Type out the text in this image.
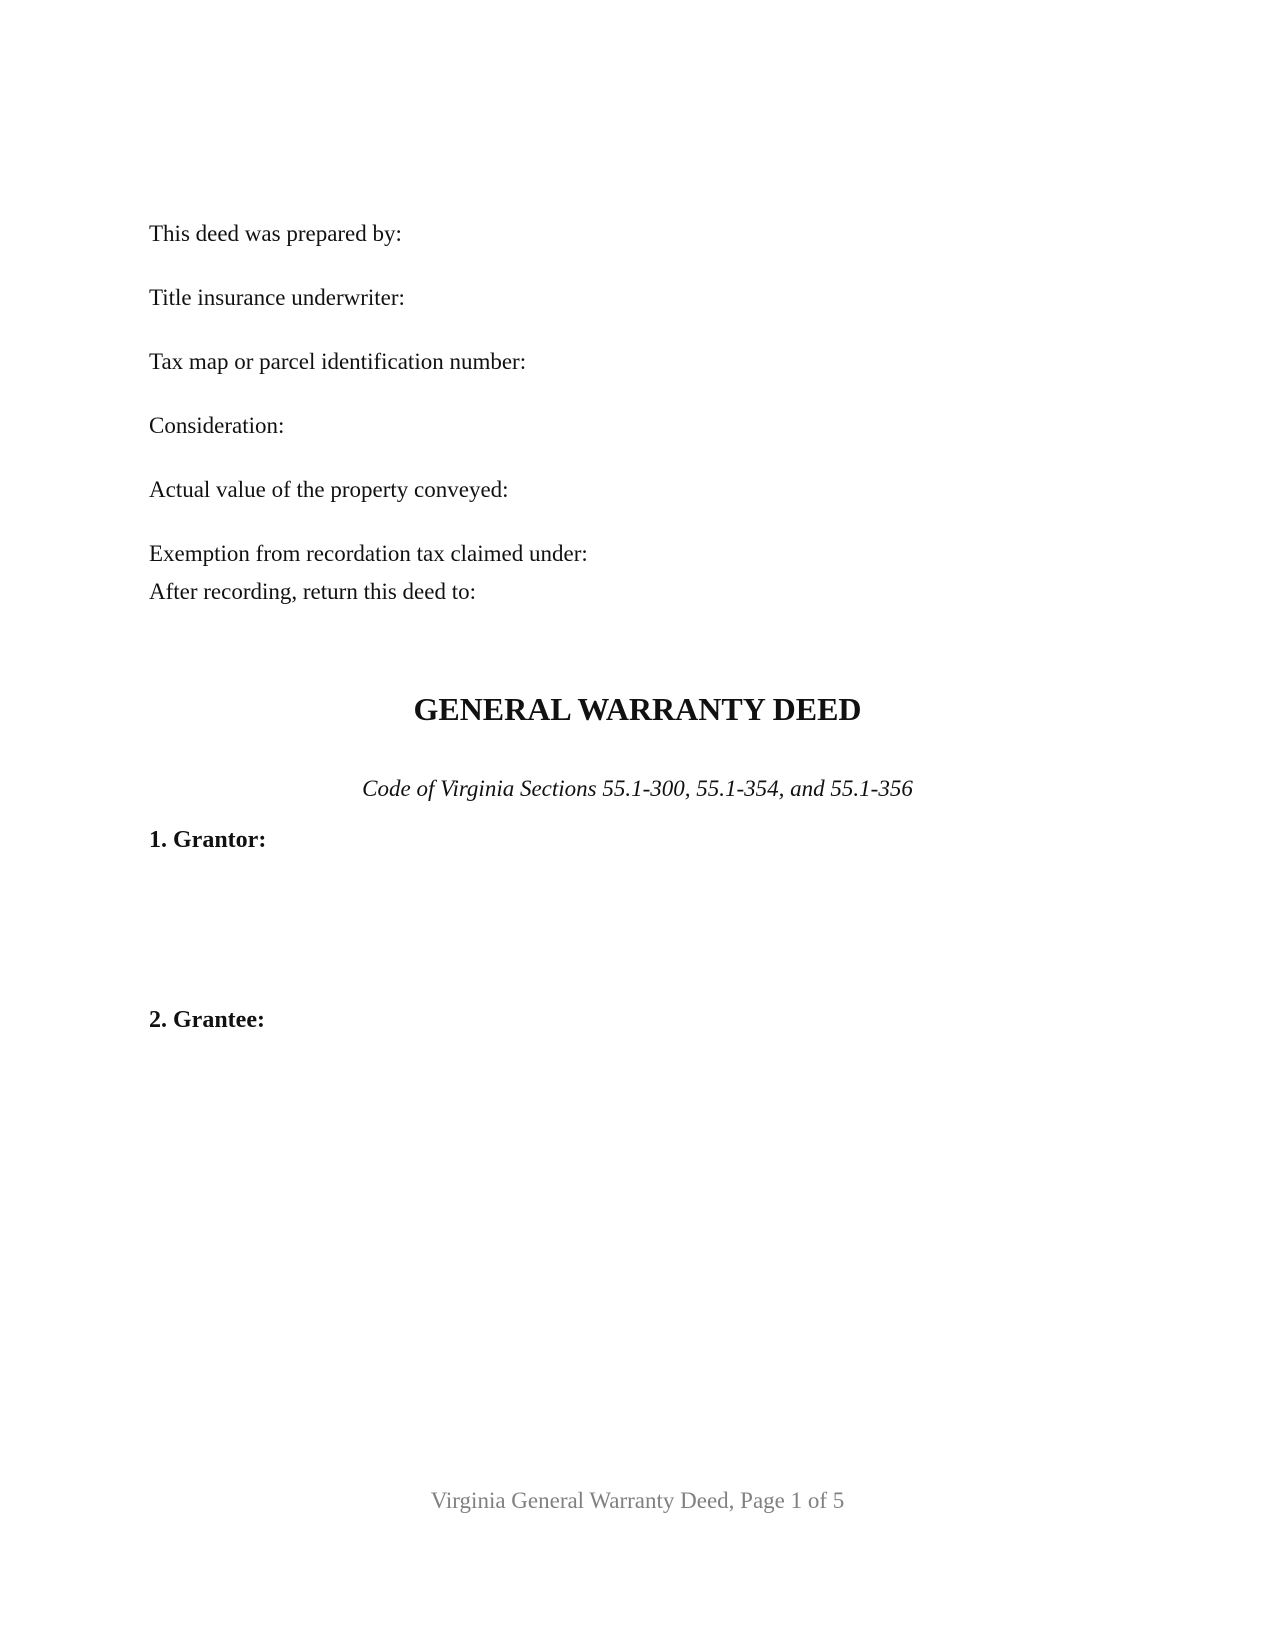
This deed was prepared by:
Title insurance underwriter:
Tax map or parcel identification number:
Consideration:
Actual value of the property conveyed:
Exemption from recordation tax claimed under:
After recording, return this deed to:
GENERAL WARRANTY DEED
Code of Virginia Sections 55.1-300, 55.1-354, and 55.1-356
1. Grantor:
2. Grantee:
Virginia General Warranty Deed, Page 1 of 5
